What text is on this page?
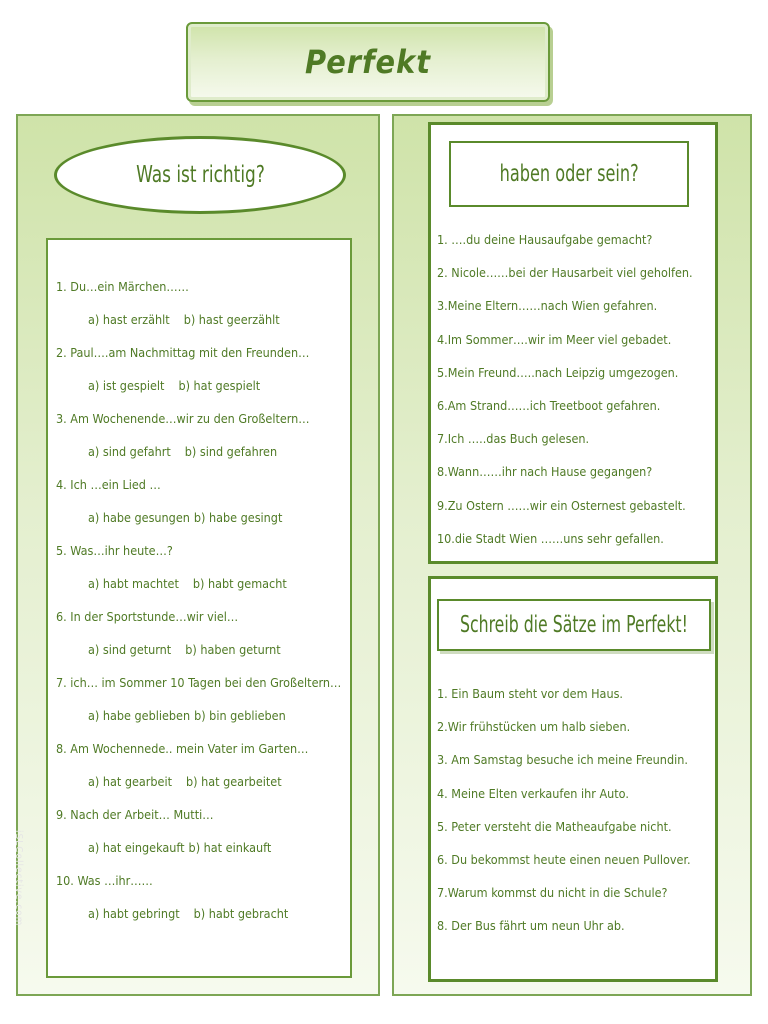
Perfekt
Was ist richtig?
1. Du…ein Märchen……
a) hast erzählt b) hast geerzählt
2. Paul….am Nachmittag mit den Freunden…
a) ist gespielt b) hat gespielt
3. Am Wochenende…wir zu den Großeltern…
a) sind gefahrt b) sind gefahren
4. Ich …ein Lied …
a) habe gesungen b) habe gesingt
5. Was…ihr heute…?
a) habt machtet b) habt gemacht
6. In der Sportstunde…wir viel…
a) sind geturnt b) haben geturnt
7. ich… im Sommer 10 Tagen bei den Großeltern…
a) habe geblieben b) bin geblieben
8. Am Wochennede.. mein Vater im Garten…
a) hat gearbeit b) hat gearbeitet
9. Nach der Arbeit… Mutti…
a) hat eingekauft b) hat einkauft
10. Was …ihr……
a) habt gebringt b) habt gebracht
haben oder sein?
1. ….du deine Hausaufgabe gemacht?
2. Nicole……bei der Hausarbeit viel geholfen.
3.Meine Eltern……nach Wien gefahren.
4.Im Sommer….wir im Meer viel gebadet.
5.Mein Freund…..nach Leipzig umgezogen.
6.Am Strand……ich Treetboot gefahren.
7.Ich …..das Buch gelesen.
8.Wann……ihr nach Hause gegangen?
9.Zu Ostern ……wir ein Osternest gebastelt.
10.die Stadt Wien ……uns sehr gefallen.
Schreib die Sätze im Perfekt!
1. Ein Baum steht vor dem Haus.
2.Wir frühstücken um halb sieben.
3. Am Samstag besuche ich meine Freundin.
4. Meine Elten verkaufen ihr Auto.
5. Peter versteht die Matheaufgabe nicht.
6. Du bekommst heute einen neuen Pullover.
7.Warum kommst du nicht in die Schule?
8. Der Bus fährt um neun Uhr ab.
iSLCollective.com
